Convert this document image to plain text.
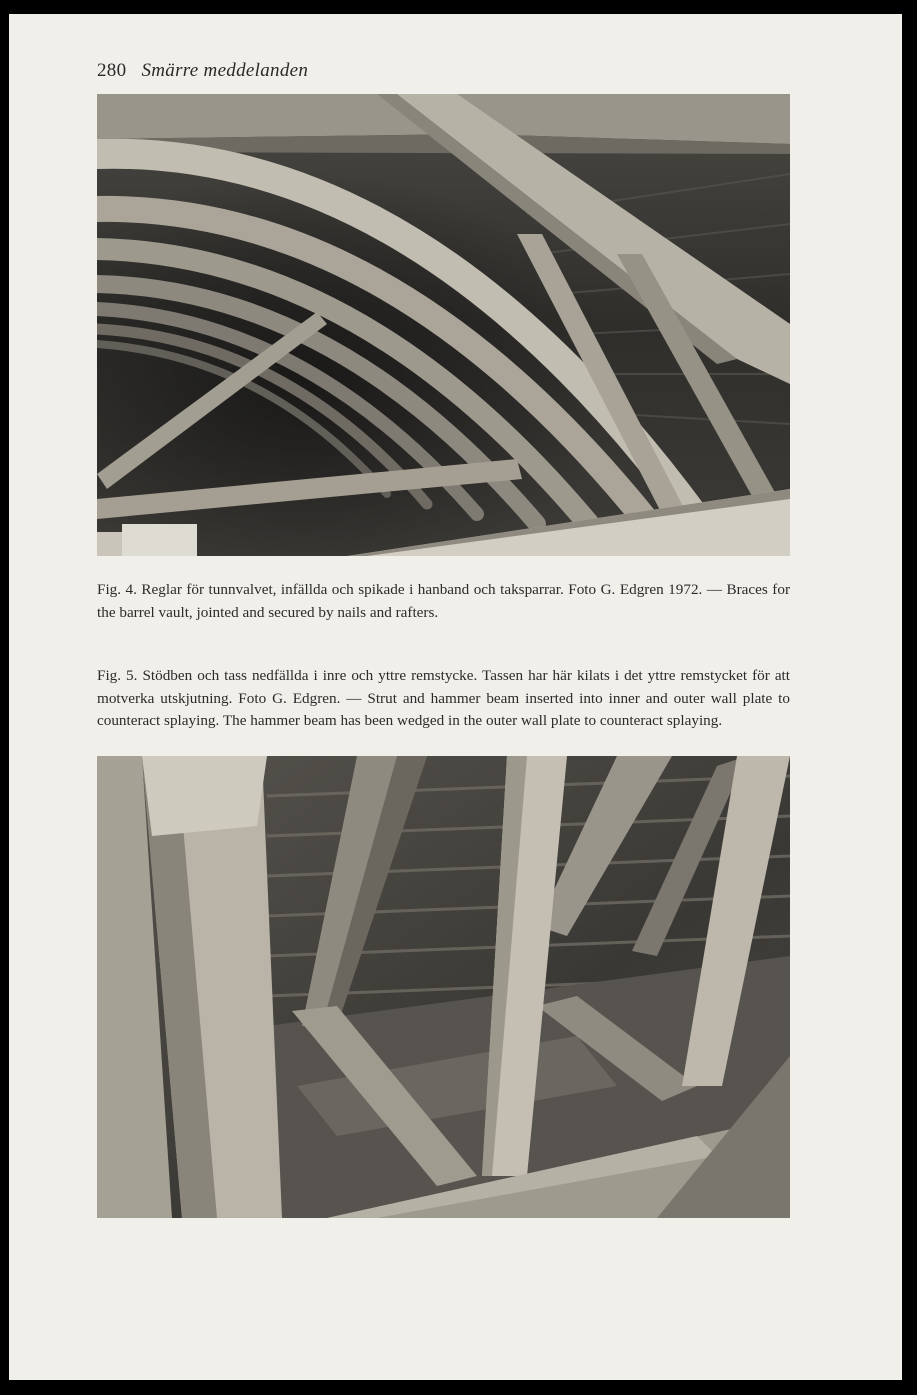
280 Smärre meddelanden

Fig. 4. Reglar för tunnvalvet, infällda och spikade i hanband och taksparrar. Foto G. Edgren 1972. — Braces for the barrel vault, jointed and secured by nails and rafters.

Fig. 5. Stödben och tass nedfällda i inre och yttre remstycke. Tassen har här kilats i det yttre remstycket för att motverka utskjutning. Foto G. Edgren. — Strut and hammer beam inserted into inner and outer wall plate to counteract splaying. The hammer beam has been wedged in the outer wall plate to counteract splaying.
